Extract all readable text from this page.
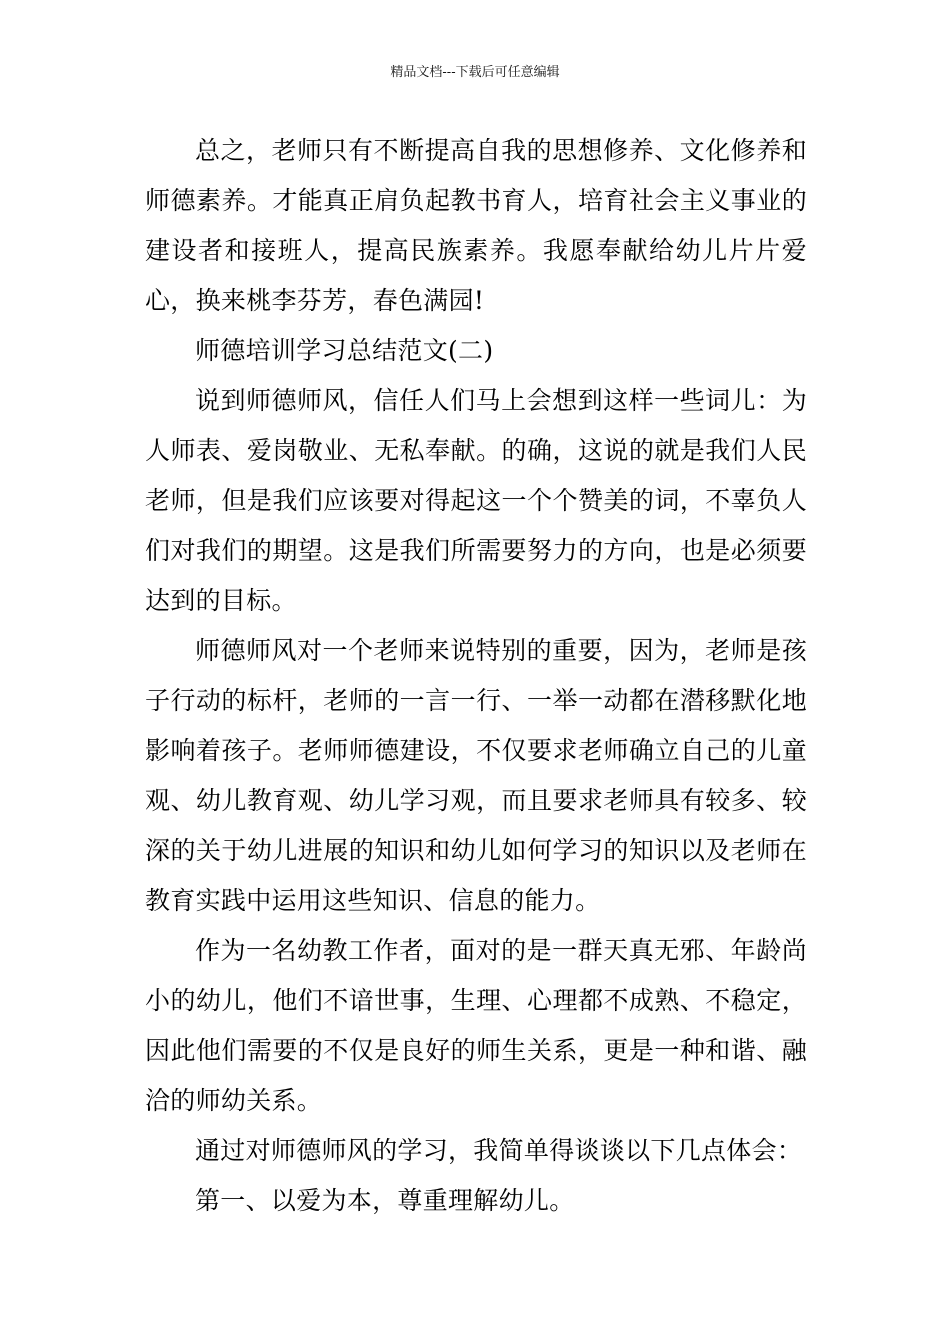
精品文档---下载后可任意编辑

总之，老师只有不断提高自我的思想修养、文化修养和师德素养。才能真正肩负起教书育人，培育社会主义事业的建设者和接班人，提高民族素养。我愿奉献给幼儿片片爱心，换来桃李芬芳，春色满园!

师德培训学习总结范文(二)

说到师德师风，信任人们马上会想到这样一些词儿：为人师表、爱岗敬业、无私奉献。的确，这说的就是我们人民老师，但是我们应该要对得起这一个个赞美的词，不辜负人们对我们的期望。这是我们所需要努力的方向，也是必须要达到的目标。

师德师风对一个老师来说特别的重要，因为，老师是孩子行动的标杆，老师的一言一行、一举一动都在潜移默化地影响着孩子。老师师德建设，不仅要求老师确立自己的儿童观、幼儿教育观、幼儿学习观，而且要求老师具有较多、较深的关于幼儿进展的知识和幼儿如何学习的知识以及老师在教育实践中运用这些知识、信息的能力。

作为一名幼教工作者，面对的是一群天真无邪、年龄尚小的幼儿，他们不谙世事，生理、心理都不成熟、不稳定，因此他们需要的不仅是良好的师生关系，更是一种和谐、融洽的师幼关系。

通过对师德师风的学习，我简单得谈谈以下几点体会：

第一、以爱为本，尊重理解幼儿。
